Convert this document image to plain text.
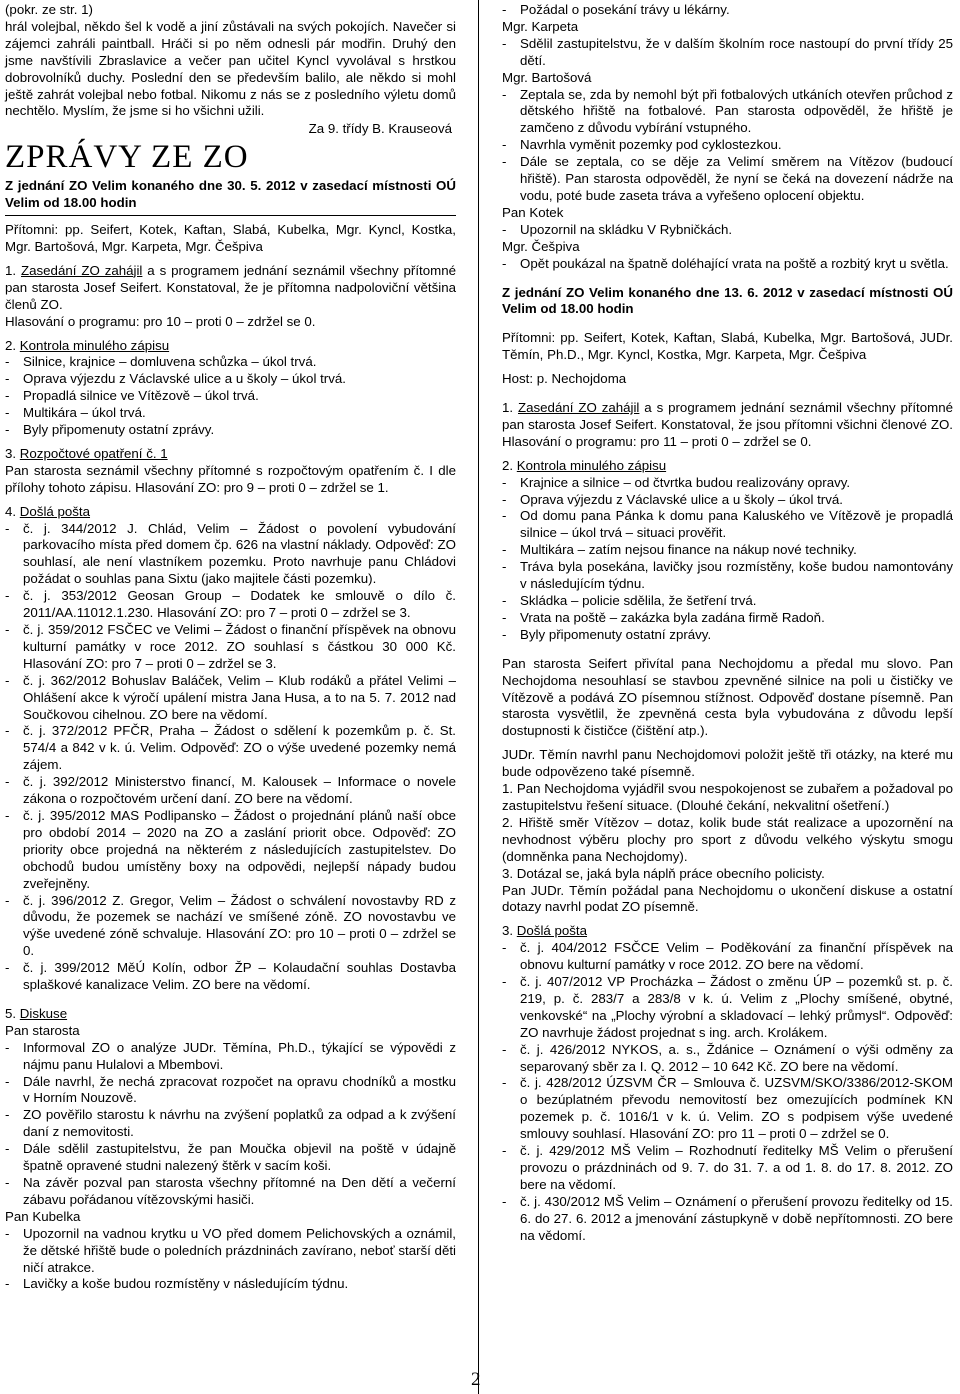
(pokr. ze str. 1)

hrál volejbal, někdo šel k vodě a jiní zůstávali na svých pokojích. Navečer si zájemci zahráli paintball. Hráči si po něm odnesli pár modřin. Druhý den jsme navštívili Zbraslavice a večer pan učitel Kyncl vyvolával s hrstkou dobrovolníků duchy. Poslední den se především balilo, ale někdo si mohl ještě zahrát volejbal nebo fotbal. Nikomu z nás se z posledního výletu domů nechtělo. Myslím, že jsme si ho všichni užili.

Za 9. třídy B. Krauseová

ZPRÁVY ZE ZO

Z jednání ZO Velim konaného dne 30. 5. 2012 v zasedací místnosti OÚ Velim od 18.00 hodin

Přítomni: pp. Seifert, Kotek, Kaftan, Slabá, Kubelka, Mgr. Kyncl, Kostka, Mgr. Bartošová, Mgr. Karpeta, Mgr. Češpiva

1. Zasedání ZO zahájil a s programem jednání seznámil všechny přítomné pan starosta Josef Seifert. Konstatoval, že je přítomna nadpoloviční většina členů ZO.

Hlasování o programu: pro 10 – proti 0 – zdržel se 0.

2. Kontrola minulého zápisu

- Silnice, krajnice – domluvena schůzka – úkol trvá.
- Oprava výjezdu z Václavské ulice a u školy – úkol trvá.
- Propadlá silnice ve Vítězově – úkol trvá.
- Multikára – úkol trvá.
- Byly připomenuty ostatní zprávy.

3. Rozpočtové opatření č. 1

Pan starosta seznámil všechny přítomné s rozpočtovým opatřením č. I dle přílohy tohoto zápisu. Hlasování ZO: pro 9 – proti 0 – zdržel se 1.

4. Došlá pošta

- č. j. 344/2012 J. Chlád, Velim – Žádost o povolení vybudování parkovacího místa před domem čp. 626 na vlastní náklady. Odpověď: ZO souhlasí, ale není vlastníkem pozemku. Proto navrhuje panu Chládovi požádat o souhlas pana Sixtu (jako majitele části pozemku).
- č. j. 353/2012 Geosan Group – Dodatek ke smlouvě o dílo č. 2011/AA.11012.1.230. Hlasování ZO: pro 7 – proti 0 – zdržel se 3.
- č. j. 359/2012 FSČEC ve Velimi – Žádost o finanční příspěvek na obnovu kulturní památky v roce 2012. ZO souhlasí s částkou 30 000 Kč. Hlasování ZO: pro 7 – proti 0 – zdržel se 3.
- č. j. 362/2012 Bohuslav Baláček, Velim – Klub rodáků a přátel Velimi – Ohlášení akce k výročí upálení mistra Jana Husa, a to na 5. 7. 2012 nad Součkovou cihelnou. ZO bere na vědomí.
- č. j. 372/2012 PFČR, Praha – Žádost o sdělení k pozemkům p. č. St. 574/4 a 842 v k. ú. Velim. Odpověď: ZO o výše uvedené pozemky nemá zájem.
- č. j. 392/2012 Ministerstvo financí, M. Kalousek – Informace o novele zákona o rozpočtovém určení daní. ZO bere na vědomí.
- č. j. 395/2012 MAS Podlipansko – Žádost o projednání plánů naší obce pro období 2014 – 2020 na ZO a zaslání priorit obce. Odpověď: ZO priority obce projedná na některém z následujících zastupitelstev. Do obchodů budou umístěny boxy na odpovědi, nejlepší nápady budou zveřejněny.
- č. j. 396/2012 Z. Gregor, Velim – Žádost o schválení novostavby RD z důvodu, že pozemek se nachází ve smíšené zóně. ZO novostavbu ve výše uvedené zóně schvaluje. Hlasování ZO: pro 10 – proti 0 – zdržel se 0.
- č. j. 399/2012 MěÚ Kolín, odbor ŽP – Kolaudační souhlas Dostavba splaškové kanalizace Velim. ZO bere na vědomí.

5. Diskuse

Pan starosta

- Informoval ZO o analýze JUDr. Těmína, Ph.D., týkající se výpovědi z nájmu panu Hulalovi a Mbembovi.
- Dále navrhl, že nechá zpracovat rozpočet na opravu chodníků a mostku v Horním Nouzově.
- ZO pověřilo starostu k návrhu na zvýšení poplatků za odpad a k zvýšení daní z nemovitosti.
- Dále sdělil zastupitelstvu, že pan Moučka objevil na poště v údajně špatně opravené studni nalezený štěrk v sacím koši.
- Na závěr pozval pan starosta všechny přítomné na Den dětí a večerní zábavu pořádanou vítězovskými hasiči.

Pan Kubelka

- Upozornil na vadnou krytku u VO před domem Pelichovských a oznámil, že dětské hřiště bude o poledních prázdninách zavírano, neboť starší děti ničí atrakce.
- Lavičky a koše budou rozmístěny v následujícím týdnu.
- Požádal o posekání trávy u lékárny.

Mgr. Karpeta

- Sdělil zastupitelstvu, že v dalším školním roce nastoupí do první třídy 25 dětí.

Mgr. Bartošová

- Zeptala se, zda by nemohl být při fotbalových utkáních otevřen průchod z dětského hřiště na fotbalové. Pan starosta odpověděl, že hřiště je zamčeno z důvodu vybírání vstupného.
- Navrhla vyměnit pozemky pod cyklostezkou.
- Dále se zeptala, co se děje za Velimí směrem na Vítězov (budoucí hřiště). Pan starosta odpověděl, že nyní se čeká na dovezení nádrže na vodu, poté bude zaseta tráva a vyřešeno oplocení objektu.

Pan Kotek

- Upozornil na skládku V Rybničkách.

Mgr. Češpiva

- Opět poukázal na špatně doléhající vrata na poště a rozbitý kryt u světla.

Z jednání ZO Velim konaného dne 13. 6. 2012 v zasedací místnosti OÚ Velim od 18.00 hodin

Přítomni: pp. Seifert, Kotek, Kaftan, Slabá, Kubelka, Mgr. Bartošová, JUDr. Těmín, Ph.D., Mgr. Kyncl, Kostka, Mgr. Karpeta, Mgr. Češpiva

Host: p. Nechojdoma

1. Zasedání ZO zahájil a s programem jednání seznámil všechny přítomné pan starosta Josef Seifert. Konstatoval, že jsou přítomni všichni členové ZO. Hlasování o programu: pro 11 – proti 0 – zdržel se 0.

2. Kontrola minulého zápisu

- Krajnice a silnice – od čtvrtka budou realizovány opravy.
- Oprava výjezdu z Václavské ulice a u školy – úkol trvá.
- Od domu pana Pánka k domu pana Kaluského ve Vítězově je propadlá silnice – úkol trvá – situaci prověřit.
- Multikára – zatím nejsou finance na nákup nové techniky.
- Tráva byla posekána, lavičky jsou rozmístěny, koše budou namontovány v následujícím týdnu.
- Skládka – policie sdělila, že šetření trvá.
- Vrata na poště – zakázka byla zadána firmě Radoň.
- Byly připomenuty ostatní zprávy.

Pan starosta Seifert přivítal pana Nechojdomu a předal mu slovo. Pan Nechojdoma nesouhlasí se stavbou zpevněné silnice na poli u čističky ve Vítězově a podává ZO písemnou stížnost. Odpověď dostane písemně. Pan starosta vysvětlil, že zpevněná cesta byla vybudována z důvodu lepší dostupnosti k čističce (čištění atp.).

JUDr. Těmín navrhl panu Nechojdomovi položit ještě tři otázky, na které mu bude odpovězeno také písemně.

1. Pan Nechojdoma vyjádřil svou nespokojenost se zubařem a požadoval po zastupitelstvu řešení situace. (Dlouhé čekání, nekvalitní ošetření.)

2. Hřiště směr Vítězov – dotaz, kolik bude stát realizace a upozornění na nevhodnost výběru plochy pro sport z důvodu velkého výskytu smogu (domněnka pana Nechojdomy).

3. Dotázal se, jaká byla náplň práce obecního policisty.

Pan JUDr. Těmín požádal pana Nechojdomu o ukončení diskuse a ostatní dotazy navrhl podat ZO písemně.

3. Došlá pošta

- č. j. 404/2012 FSČCE Velim – Poděkování za finanční příspěvek na obnovu kulturní památky v roce 2012. ZO bere na vědomí.
- č. j. 407/2012 VP Procházka – Žádost o změnu ÚP – pozemků st. p. č. 219, p. č. 283/7 a 283/8 v k. ú. Velim z „Plochy smíšené, obytné, venkovské“ na „Plochy výrobní a skladovací – lehký průmysl“. Odpověď: ZO navrhuje žádost projednat s ing. arch. Krolákem.
- č. j. 426/2012 NYKOS, a. s., Ždánice – Oznámení o výši odměny za separovaný sběr za I. Q. 2012 – 10 642 Kč. ZO bere na vědomí.
- č. j. 428/2012 ÚZSVM ČR – Smlouva č. UZSVM/SKO/3386/2012-SKOM o bezúplatném převodu nemovitostí bez omezujících podmínek KN pozemek p. č. 1016/1 v k. ú. Velim. ZO s podpisem výše uvedené smlouvy souhlasí. Hlasování ZO: pro 11 – proti 0 – zdržel se 0.
- č. j. 429/2012 MŠ Velim – Rozhodnutí ředitelky MŠ Velim o přerušení provozu o prázdninách od 9. 7. do 31. 7. a od 1. 8. do 17. 8. 2012. ZO bere na vědomí.
- č. j. 430/2012 MŠ Velim – Oznámení o přerušení provozu ředitelky od 15. 6. do 27. 6. 2012 a jmenování zástupkyně v době nepřítomnosti. ZO bere na vědomí.
2
